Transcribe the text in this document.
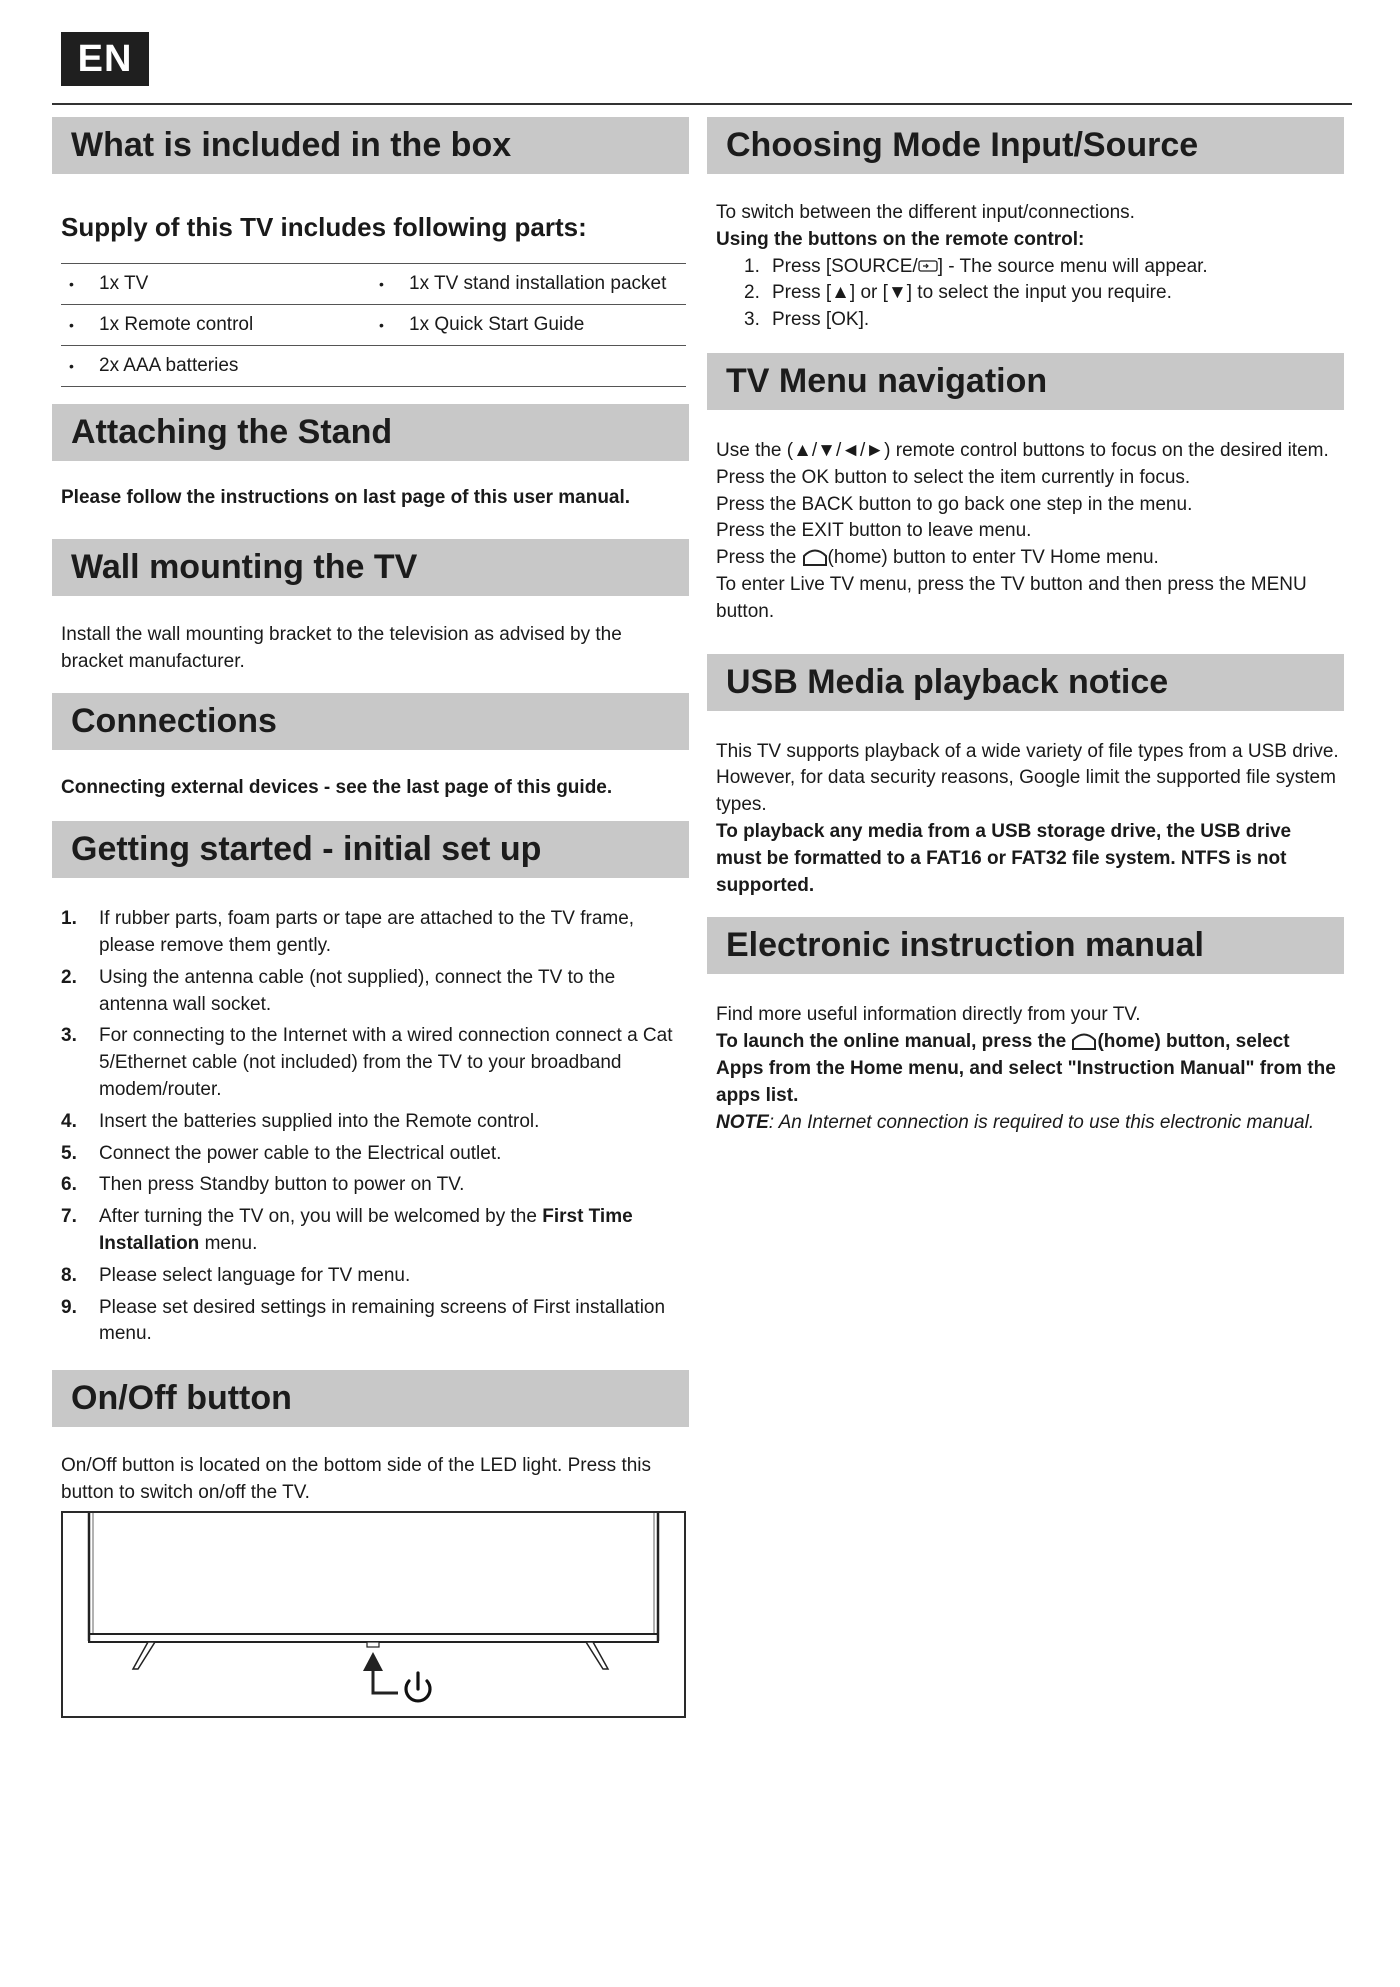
EN
What is included in the box
Supply of this TV includes following parts:
• 1x TV	• 1x TV stand installation packet
• 1x Remote control	• 1x Quick Start Guide
• 2x AAA batteries	
Attaching the Stand
Please follow the instructions on last page of this user manual.
Wall mounting the TV
Install the wall mounting bracket to the television as advised by the bracket manufacturer.
Connections
Connecting external devices - see the last page of this guide.
Getting started - initial set up
1.	If rubber parts, foam parts or tape are attached to the TV frame, please remove them gently.
2.	Using the antenna cable (not supplied), connect the TV to the antenna wall socket.
3.	For connecting to the Internet with a wired connection connect a Cat 5/Ethernet cable (not included) from the TV to your broadband modem/router.
4.	Insert the batteries supplied into the Remote control.
5.	Connect the power cable to the Electrical outlet.
6.	Then press Standby button to power on TV.
7.	After turning the TV on, you will be welcomed by the First Time Installation menu.
8.	Please select language for TV menu.
9.	Please set desired settings in remaining screens of First installation menu.
On/Off button
On/Off button is located on the bottom side of the LED light. Press this button to switch on/off the TV.
Choosing Mode Input/Source

To switch between the different input/connections.

Using the buttons on the remote control:

1. Press [SOURCE/ ] - The source menu will appear.
2. Press [▲] or [▼] to select the input you require.
3. Press [OK].
TV Menu navigation

Use the (▲/▼/◄/►) remote control buttons to focus on the desired item.

Press the OK button to select the item currently in focus.

Press the BACK button to go back one step in the menu.

Press the EXIT button to leave menu.

Press the (home) button to enter TV Home menu.

To enter Live TV menu, press the TV button and then press the MENU button.

USB Media playback notice

This TV supports playback of a wide variety of file types from a USB drive. However, for data security reasons, Google limit the supported file system types.

To playback any media from a USB storage drive, the USB drive must be formatted to a FAT16 or FAT32 file system. NTFS is not supported.

Electronic instruction manual

Find more useful information directly from your TV.

To launch the online manual, press the (home) button, select Apps from the Home menu, and select "Instruction Manual" from the apps list.

NOTE: An Internet connection is required to use this electronic manual.
